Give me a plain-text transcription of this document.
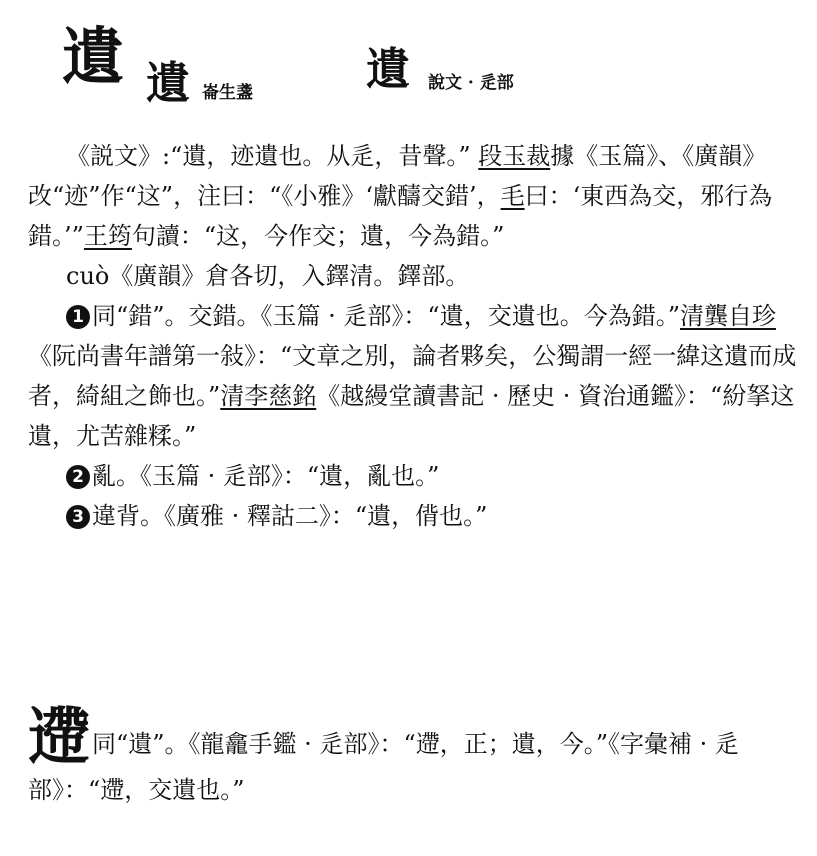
遺 遺 崙生盞	遺 說文 · 辵部

《説文》:“遺，迹遺也。从辵，昔聲。” 段玉裁據《玉篇》、《廣韻》改“迹”作“这”，注曰：“《小雅》‘獻醻交錯’，毛曰：‘東西為交，邪行為錯。’”王筠句讀：“这，今作交；遺，今為錯。”

cuò《廣韻》倉各切，入鐸清。鐸部。

1 同“錯”。交錯。《玉篇 · 辵部》：“遺，交遺也。今為錯。”清龔自珍《阮尚書年譜第一敍》：“文章之別，論者夥矣，公獨謂一經一緯这遺而成者，綺組之飾也。”清李慈銘《越縵堂讀書記 · 歷史 · 資治通鑑》：“紛拏这遺，尤苦雜糅。”

2 亂。《玉篇 · 辵部》：“遺，亂也。”

3 違背。《廣雅 · 釋詁二》：“遺，偝也。”

遰同“遺”。《龍龕手鑑 · 辵部》：“遰，正；遺，今。”《字彙補 · 辵部》：“遰，交遺也。”
